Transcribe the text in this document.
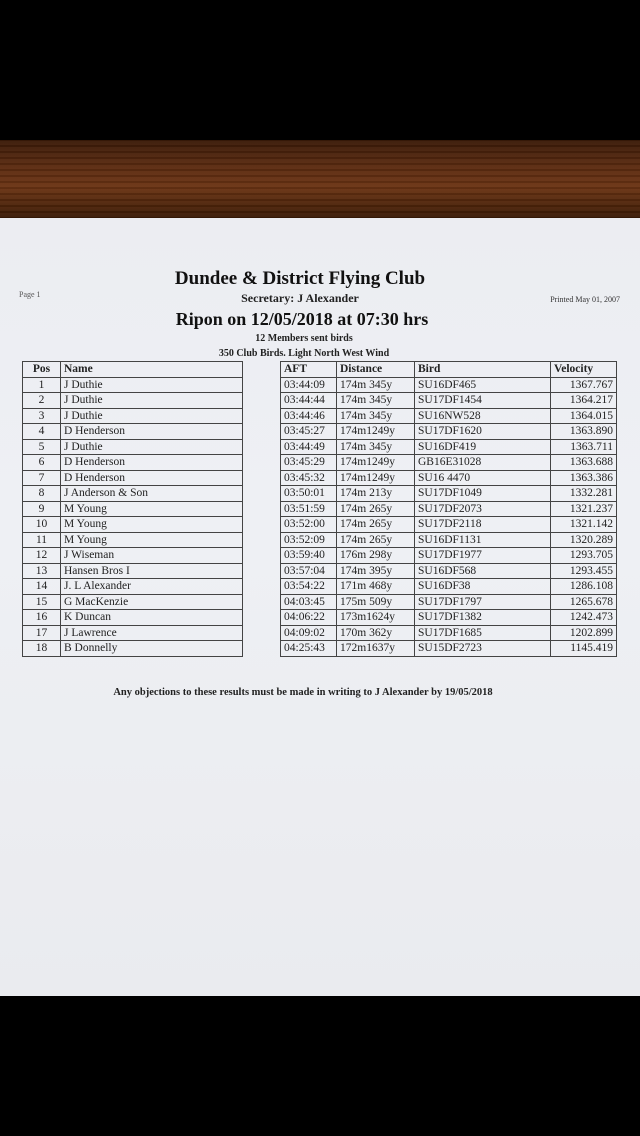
Page 1
Printed May 01, 2007
Dundee & District Flying Club
Secretary: J Alexander
Ripon on 12/05/2018 at 07:30 hrs
12 Members sent birds
350 Club Birds. Light North West Wind
Pos	Name		AFT	Distance	Bird	Velocity
1	J Duthie		03:44:09	174m 345y	SU16DF465	1367.767
2	J Duthie		03:44:44	174m 345y	SU17DF1454	1364.217
3	J Duthie		03:44:46	174m 345y	SU16NW528	1364.015
4	D Henderson		03:45:27	174m1249y	SU17DF1620	1363.890
5	J Duthie		03:44:49	174m 345y	SU16DF419	1363.711
6	D Henderson		03:45:29	174m1249y	GB16E31028	1363.688
7	D Henderson		03:45:32	174m1249y	SU16 4470	1363.386
8	J Anderson & Son		03:50:01	174m 213y	SU17DF1049	1332.281
9	M Young		03:51:59	174m 265y	SU17DF2073	1321.237
10	M Young		03:52:00	174m 265y	SU17DF2118	1321.142
11	M Young		03:52:09	174m 265y	SU16DF1131	1320.289
12	J Wiseman		03:59:40	176m 298y	SU17DF1977	1293.705
13	Hansen Bros I		03:57:04	174m 395y	SU16DF568	1293.455
14	J. L Alexander		03:54:22	171m 468y	SU16DF38	1286.108
15	G MacKenzie		04:03:45	175m 509y	SU17DF1797	1265.678
16	K Duncan		04:06:22	173m1624y	SU17DF1382	1242.473
17	J Lawrence		04:09:02	170m 362y	SU17DF1685	1202.899
18	B Donnelly		04:25:43	172m1637y	SU15DF2723	1145.419
Any objections to these results must be made in writing to J Alexander by 19/05/2018
